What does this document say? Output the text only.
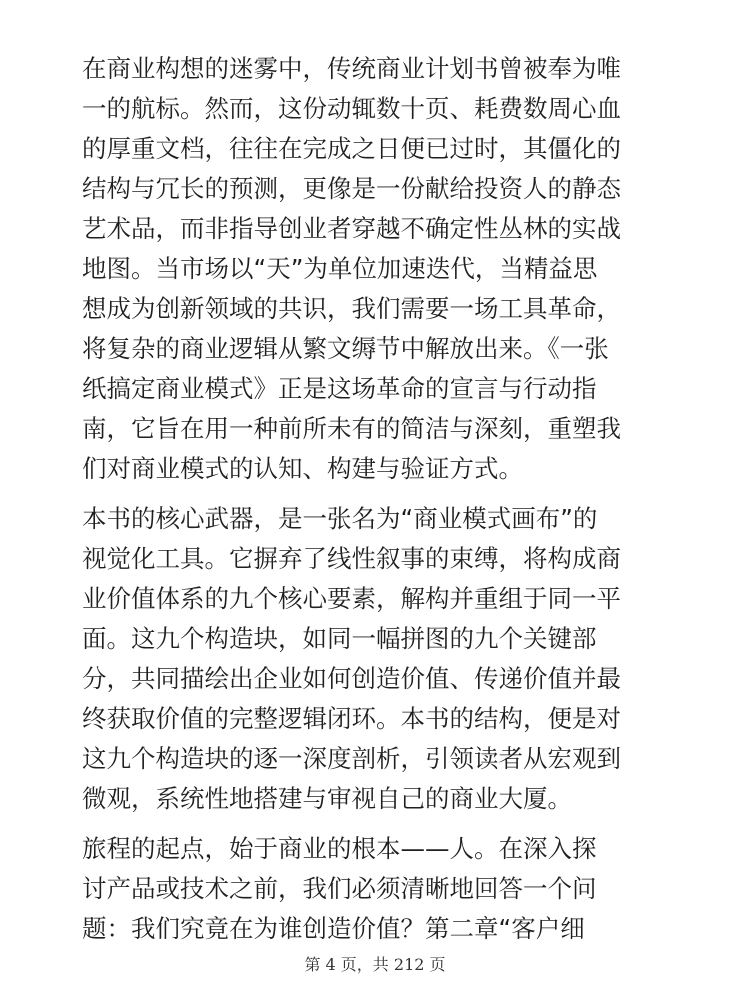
在商业构想的迷雾中，传统商业计划书曾被奉为唯
一的航标。然而，这份动辄数十页、耗费数周心血
的厚重文档，往往在完成之日便已过时，其僵化的
结构与冗长的预测，更像是一份献给投资人的静态
艺术品，而非指导创业者穿越不确定性丛林的实战
地图。当市场以“天”为单位加速迭代，当精益思
想成为创新领域的共识，我们需要一场工具革命，
将复杂的商业逻辑从繁文缛节中解放出来。《一张
纸搞定商业模式》正是这场革命的宣言与行动指
南，它旨在用一种前所未有的简洁与深刻，重塑我
们对商业模式的认知、构建与验证方式。
本书的核心武器，是一张名为“商业模式画布”的
视觉化工具。它摒弃了线性叙事的束缚，将构成商
业价值体系的九个核心要素，解构并重组于同一平
面。这九个构造块，如同一幅拼图的九个关键部
分，共同描绘出企业如何创造价值、传递价值并最
终获取价值的完整逻辑闭环。本书的结构，便是对
这九个构造块的逐一深度剖析，引领读者从宏观到
微观，系统性地搭建与审视自己的商业大厦。
旅程的起点，始于商业的根本——人。在深入探
讨产品或技术之前，我们必须清晰地回答一个问
题：我们究竟在为谁创造价值？第二章“客户细
第 4 页，共 212 页
